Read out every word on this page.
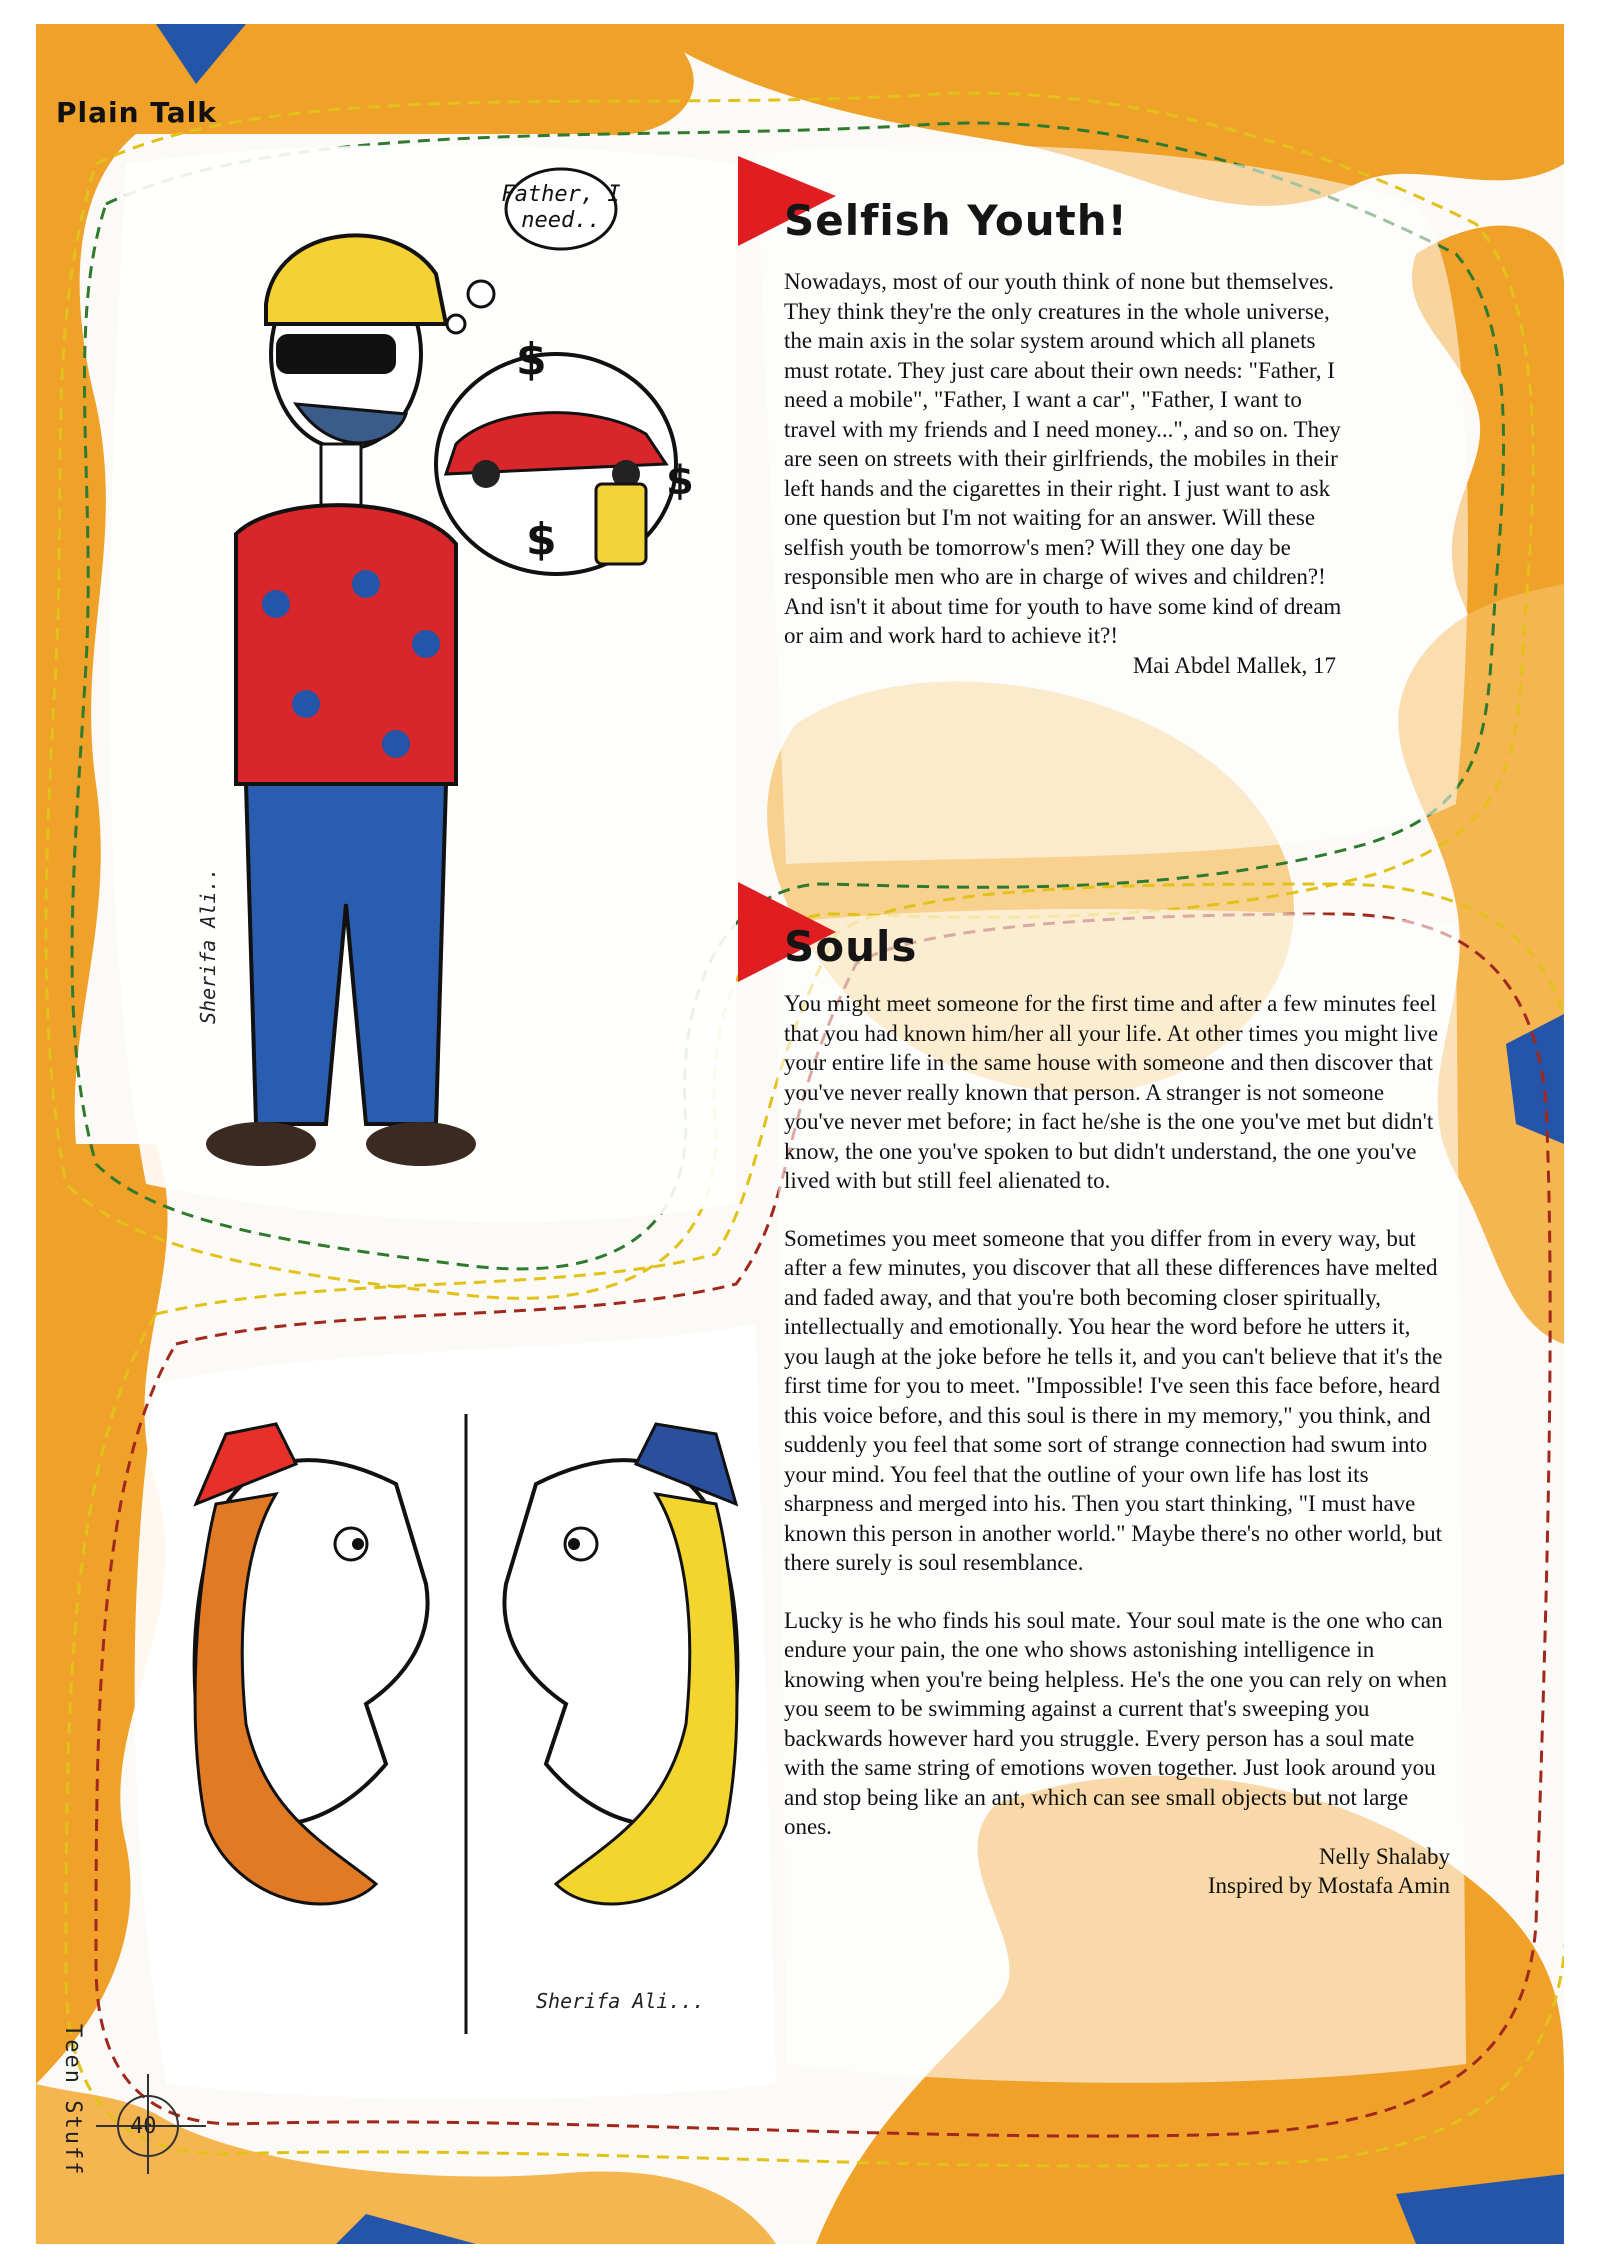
$
$
$
Plain Talk
Father, I need..
Sherifa Ali..
Sherifa Ali...
Selfish Youth!

Nowadays, most of our youth think of none but themselves. They think they're the only creatures in the whole universe, the main axis in the solar system around which all planets must rotate. They just care about their own needs: "Father, I need a mobile", "Father, I want a car", "Father, I want to travel with my friends and I need money...", and so on. They are seen on streets with their girlfriends, the mobiles in their left hands and the cigarettes in their right. I just want to ask one question but I'm not waiting for an answer. Will these selfish youth be tomorrow's men? Will they one day be responsible men who are in charge of wives and children?! And isn't it about time for youth to have some kind of dream or aim and work hard to achieve it?!

Mai Abdel Mallek, 17
Souls

You might meet someone for the first time and after a few minutes feel that you had known him/her all your life. At other times you might live your entire life in the same house with someone and then discover that you've never really known that person. A stranger is not someone you've never met before; in fact he/she is the one you've met but didn't know, the one you've spoken to but didn't understand, the one you've lived with but still feel alienated to.

Sometimes you meet someone that you differ from in every way, but after a few minutes, you discover that all these differences have melted and faded away, and that you're both becoming closer spiritually, intellectually and emotionally. You hear the word before he utters it, you laugh at the joke before he tells it, and you can't believe that it's the first time for you to meet. "Impossible! I've seen this face before, heard this voice before, and this soul is there in my memory," you think, and suddenly you feel that some sort of strange connection had swum into your mind. You feel that the outline of your own life has lost its sharpness and merged into his. Then you start thinking, "I must have known this person in another world." Maybe there's no other world, but there surely is soul resemblance.

Lucky is he who finds his soul mate. Your soul mate is the one who can endure your pain, the one who shows astonishing intelligence in knowing when you're being helpless. He's the one you can rely on when you seem to be swimming against a current that's sweeping you backwards however hard you struggle. Every person has a soul mate with the same string of emotions woven together. Just look around you and stop being like an ant, which can see small objects but not large ones.

Nelly Shalaby
Inspired by Mostafa Amin
Teen Stuff 40
